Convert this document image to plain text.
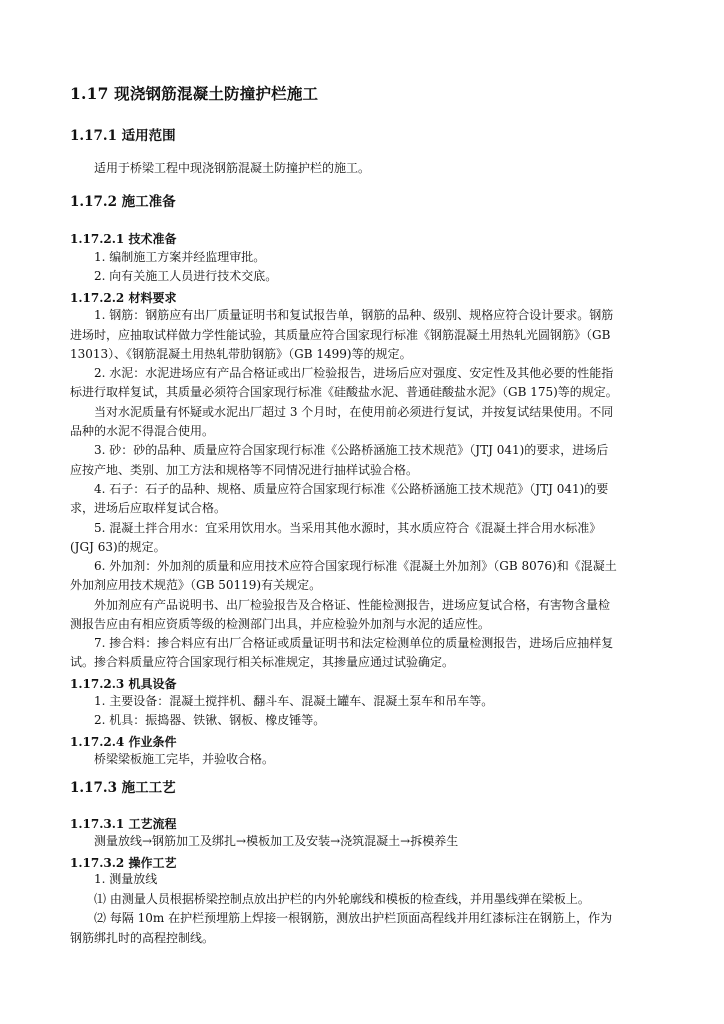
1.17 现浇钢筋混凝土防撞护栏施工
1.17.1 适用范围
适用于桥梁工程中现浇钢筋混凝土防撞护栏的施工。
1.17.2 施工准备
1.17.2.1 技术准备
1. 编制施工方案并经监理审批。
2. 向有关施工人员进行技术交底。
1.17.2.2 材料要求
1. 钢筋：钢筋应有出厂质量证明书和复试报告单，钢筋的品种、级别、规格应符合设计要求。钢筋
进场时，应抽取试样做力学性能试验，其质量应符合国家现行标准《钢筋混凝土用热轧光圆钢筋》（GB
13013）、《钢筋混凝土用热轧带肋钢筋》（GB 1499)等的规定。
2. 水泥：水泥进场应有产品合格证或出厂检验报告，进场后应对强度、安定性及其他必要的性能指
标进行取样复试，其质量必须符合国家现行标准《硅酸盐水泥、普通硅酸盐水泥》（GB 175)等的规定。
当对水泥质量有怀疑或水泥出厂超过 3 个月时，在使用前必须进行复试，并按复试结果使用。不同
品种的水泥不得混合使用。
3. 砂：砂的品种、质量应符合国家现行标准《公路桥涵施工技术规范》（JTJ 041)的要求，进场后
应按产地、类别、加工方法和规格等不同情况进行抽样试验合格。
4. 石子：石子的品种、规格、质量应符合国家现行标准《公路桥涵施工技术规范》（JTJ 041)的要
求，进场后应取样复试合格。
5. 混凝土拌合用水：宜采用饮用水。当采用其他水源时，其水质应符合《混凝土拌合用水标准》
(JGJ 63)的规定。
6. 外加剂：外加剂的质量和应用技术应符合国家现行标准《混凝土外加剂》（GB 8076)和《混凝土
外加剂应用技术规范》（GB 50119)有关规定。
外加剂应有产品说明书、出厂检验报告及合格证、性能检测报告，进场应复试合格，有害物含量检
测报告应由有相应资质等级的检测部门出具，并应检验外加剂与水泥的适应性。
7. 掺合料：掺合料应有出厂合格证或质量证明书和法定检测单位的质量检测报告，进场后应抽样复
试。掺合料质量应符合国家现行相关标准规定，其掺量应通过试验确定。
1.17.2.3 机具设备
1. 主要设备：混凝土搅拌机、翻斗车、混凝土罐车、混凝土泵车和吊车等。
2. 机具：振捣器、铁锹、钢板、橡皮锤等。
1.17.2.4 作业条件
桥梁梁板施工完毕，并验收合格。
1.17.3 施工工艺
1.17.3.1 工艺流程
测量放线→钢筋加工及绑扎→模板加工及安装→浇筑混凝土→拆模养生
1.17.3.2 操作工艺
1. 测量放线
⑴ 由测量人员根据桥梁控制点放出护栏的内外轮廓线和模板的检查线，并用墨线弹在梁板上。
⑵ 每隔 10m 在护栏预埋筋上焊接一根钢筋，测放出护栏顶面高程线并用红漆标注在钢筋上，作为
钢筋绑扎时的高程控制线。
